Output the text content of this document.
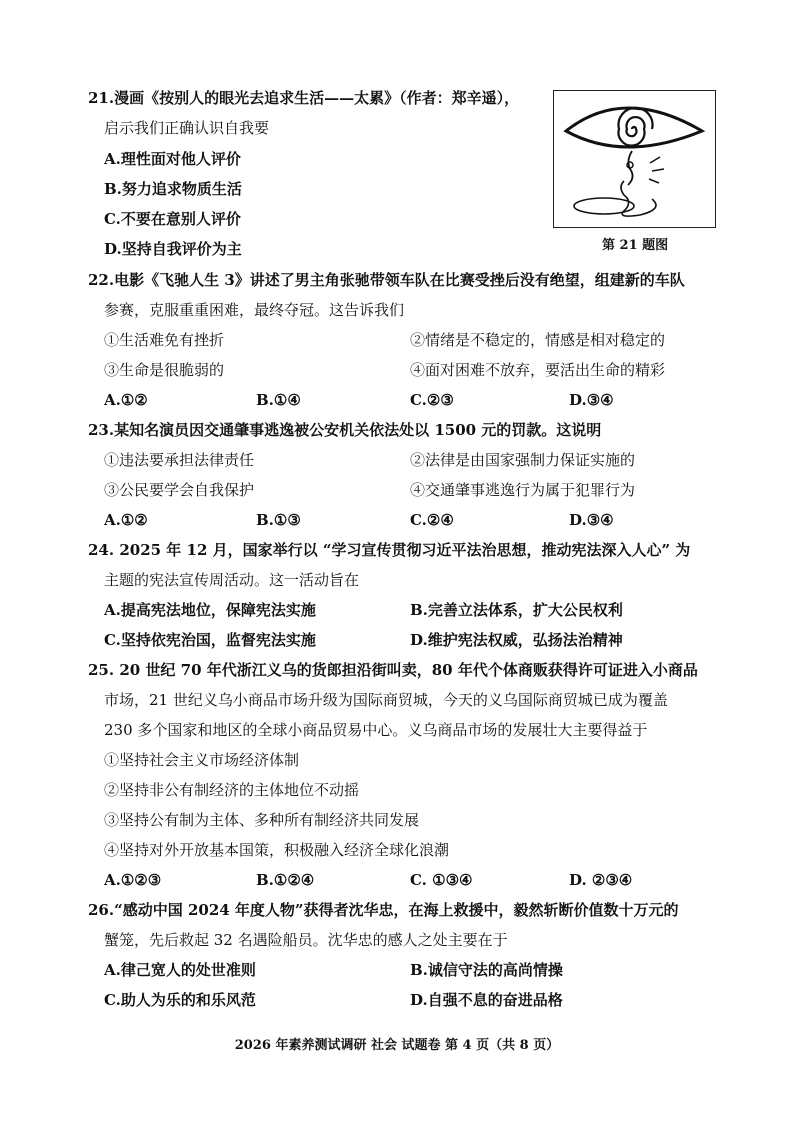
21.漫画《按别人的眼光去追求生活——太累》（作者：郑辛遥），
启示我们正确认识自我要
A.理性面对他人评价
B.努力追求物质生活
C.不要在意别人评价
D.坚持自我评价为主	第 21 题图
22.电影《飞驰人生 3》讲述了男主角张驰带领车队在比赛受挫后没有绝望，组建新的车队
参赛，克服重重困难，最终夺冠。这告诉我们
①生活难免有挫折	②情绪是不稳定的，情感是相对稳定的
③生命是很脆弱的	④面对困难不放弃，要活出生命的精彩
A.①②	B.①④	C.②③	D.③④
23.某知名演员因交通肇事逃逸被公安机关依法处以 1500 元的罚款。这说明
①违法要承担法律责任	②法律是由国家强制力保证实施的
③公民要学会自我保护	④交通肇事逃逸行为属于犯罪行为
A.①②	B.①③	C.②④	D.③④
24. 2025 年 12 月，国家举行以 “学习宣传贯彻习近平法治思想，推动宪法深入人心” 为
主题的宪法宣传周活动。这一活动旨在
A.提高宪法地位，保障宪法实施	B.完善立法体系，扩大公民权利
C.坚持依宪治国，监督宪法实施	D.维护宪法权威，弘扬法治精神
25. 20 世纪 70 年代浙江义乌的货郎担沿街叫卖，80 年代个体商贩获得许可证进入小商品
市场，21 世纪义乌小商品市场升级为国际商贸城，今天的义乌国际商贸城已成为覆盖
230 多个国家和地区的全球小商品贸易中心。义乌商品市场的发展壮大主要得益于
①坚持社会主义市场经济体制
②坚持非公有制经济的主体地位不动摇
③坚持公有制为主体、多种所有制经济共同发展
④坚持对外开放基本国策，积极融入经济全球化浪潮
A.①②③	B.①②④	C. ①③④	D. ②③④
26.“感动中国 2024 年度人物”获得者沈华忠，在海上救援中，毅然斩断价值数十万元的
蟹笼，先后救起 32 名遇险船员。沈华忠的感人之处主要在于
A.律己宽人的处世准则	B.诚信守法的高尚情操
C.助人为乐的和乐风范	D.自强不息的奋进品格
2026 年素养测试调研 社会 试题卷 第 4 页（共 8 页）
